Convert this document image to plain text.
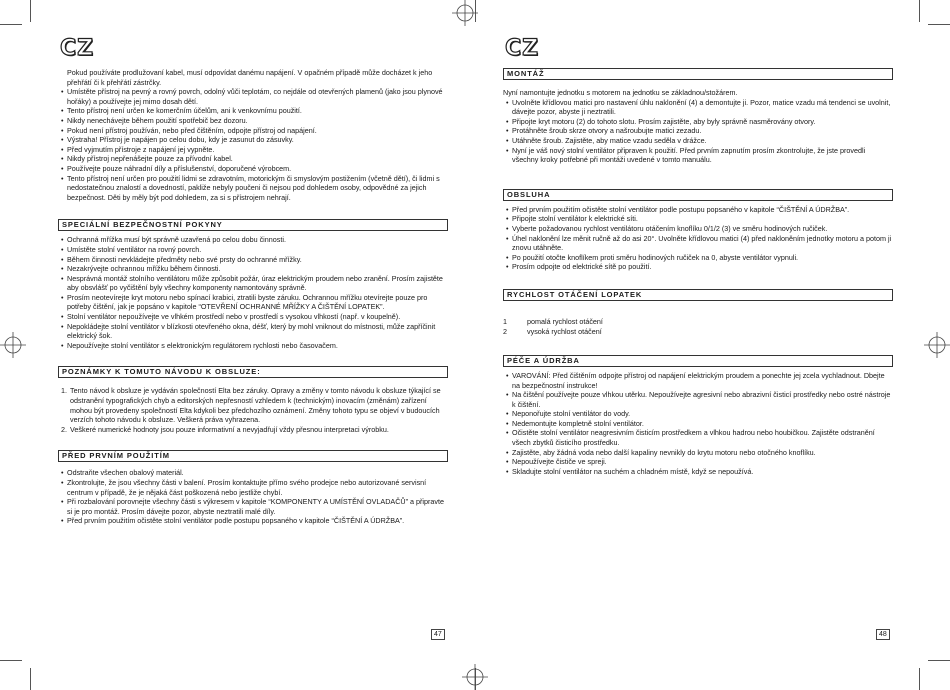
CZ
Pokud používáte prodlužovaní kabel, musí odpovídat danému napájení. V opačném případě může docházet k jeho přehřátí či k přehřátí zástrčky.
• Umístěte přístroj na pevný a rovný povrch, odolný vůči teplotám, co nejdále od otevřených plamenů (jako jsou plynové hořáky) a používejte jej mimo dosah dětí.
• Tento přístroj není určen ke komerčním účelům, ani k venkovnímu použití.
• Nikdy nenechávejte během použití spotřebič bez dozoru.
• Pokud není přístroj používán, nebo před čištěním, odpojte přístroj od napájení.
• Výstraha! Přístroj je napájen po celou dobu, kdy je zasunut do zásuvky.
• Před vyjmutím přístroje z napájení jej vypněte.
• Nikdy přístroj nepřenášejte pouze za přívodní kabel.
• Používejte pouze náhradní díly a příslušenství, doporučené výrobcem.
• Tento přístroj není určen pro použití lidmi se zdravotním, motorickým či smyslovým postižením (včetně dětí), či lidmi s nedostatečnou znalostí a dovedností, pakliže nebyly poučeni či nejsou pod dohledem osoby, odpovědné za jejich bezpečnost. Děti by měly být pod dohledem, za si s přístrojem nehrají.
SPECIÁLNÍ BEZPEČNOSTNÍ POKYNY
• Ochranná mřížka musí být správně uzavřená po celou dobu činnosti.
• Umístěte stolní ventilátor na rovný povrch.
• Během činnosti nevkládejte předměty nebo své prsty do ochranné mřížky.
• Nezakrývejte ochrannou mřížku během činnosti.
• Nesprávná montáž stolního ventilátoru může způsobit požár, úraz elektrickým proudem nebo zranění. Prosím zajistěte aby obsvlášť po vyčištění byly všechny komponenty namontovány správně.
• Prosím neotevírejte kryt motoru nebo spínací krabici, ztratili byste záruku. Ochrannou mřížku otevírejte pouze pro potřeby čištění, jak je popsáno v kapitole “OTEVŘENÍ OCHRANNÉ MŘÍŽKY A ČIŠTĚNÍ LOPATEK”.
• Stolní ventilátor nepoužívejte ve vlhkém prostředí nebo v prostředí s vysokou vlhkostí (např. v koupelně).
• Nepokládejte stolní ventilátor v blízkosti otevřeného okna, déšť, který by mohl vniknout do místnosti, může zapříčinit elektrický šok.
• Nepoužívejte stolní ventilátor s elektronickým regulátorem rychlosti nebo časovačem.
POZNÁMKY K TOMUTO NÁVODU K OBSLUZE:
1. Tento návod k obsluze je vydáván společností Elta bez záruky. Opravy a změny v tomto návodu k obsluze týkající se odstranění typografických chyb a editorských nepřesností vzhledem k (technickým) inovacím (změnám) zařízení mohou být provedeny společností Elta kdykoli bez předchozího oznámení. Změny tohoto typu se objeví v budoucích verzích tohoto návodu k obsluze. Veškerá práva vyhrazena.
2. Veškeré numerické hodnoty jsou pouze informativní a nevyjadřují vždy přesnou interpretaci výrobku.
PŘED PRVNÍM POUŽITÍM
• Odstraňte všechen obalový materiál.
• Zkontrolujte, že jsou všechny části v balení. Prosím kontaktujte přímo svého prodejce nebo autorizované servisní centrum v případě, že je nějaká část poškozená nebo jestliže chybí.
• Při rozbalování porovnejte všechny části s výkresem v kapitole “KOMPONENTY A UMÍSTĚNÍ OVLADAČŮ” a připravte si je pro montáž. Prosím dávejte pozor, abyste neztratili malé díly.
• Před prvním použitím očistěte stolní ventilátor podle postupu popsaného v kapitole “ČIŠTĚNÍ A ÚDRŽBA”.
47
CZ
MONTÁŽ

Nyní namontujte jednotku s motorem na jednotku se základnou/stožárem.

• Uvolněte křídlovou matici pro nastavení úhlu naklonění (4) a demontujte ji. Pozor, matice vzadu má tendenci se uvolnit, dávejte pozor, abyste ji neztratili.
• Připojte kryt motoru (2) do tohoto slotu. Prosím zajistěte, aby byly správně nasměrovány otvory.
• Protáhněte šroub skrze otvory a našroubujte matici zezadu.
• Utáhněte šroub. Zajistěte, aby matice vzadu seděla v drážce.
• Nyní je váš nový stolní ventilátor připraven k použití. Před prvním zapnutím prosím zkontrolujte, že jste provedli všechny kroky potřebné při montáži uvedené v tomto manuálu.
OBSLUHA
• Před prvním použitím očistěte stolní ventilátor podle postupu popsaného v kapitole “ČIŠTĚNÍ A ÚDRŽBA”.
• Připojte stolní ventilátor k elektrické síti.
• Vyberte požadovanou rychlost ventilátoru otáčením knoflíku 0/1/2 (3) ve směru hodinových ručiček.
• Úhel naklonění lze měnit ručně až do asi 20°. Uvolněte křídlovou matici (4) před nakloněním jednotky motoru a potom ji znovu utáhněte.
• Po použití otočte knoflíkem proti směru hodinových ručiček na 0, abyste ventilátor vypnuli.
• Prosím odpojte od elektrické sítě po použití.
RYCHLOST OTÁČENÍ LOPATEK
1	pomalá rychlost otáčení
2	vysoká rychlost otáčení
PÉČE A ÚDRŽBA
• VAROVÁNÍ: Před čištěním odpojte přístroj od napájení elektrickým proudem a ponechte jej zcela vychladnout. Dbejte na bezpečnostní instrukce!
• Na čištění používejte pouze vlhkou utěrku. Nepoužívejte agresivní nebo abrazivní čisticí prostředky nebo ostré nástroje k čištění.
• Neponořujte stolní ventilátor do vody.
• Nedemontujte kompletně stolní ventilátor.
• Očistěte stolní ventilátor neagresivním čisticím prostředkem a vlhkou hadrou nebo houbičkou. Zajistěte odstranění všech zbytků čisticího prostředku.
• Zajistěte, aby žádná voda nebo další kapaliny nevnikly do krytu motoru nebo otočného knoflíku.
• Nepoužívejte čističe ve spreji.
• Skladujte stolní ventilátor na suchém a chladném místě, když se nepoužívá.
48
